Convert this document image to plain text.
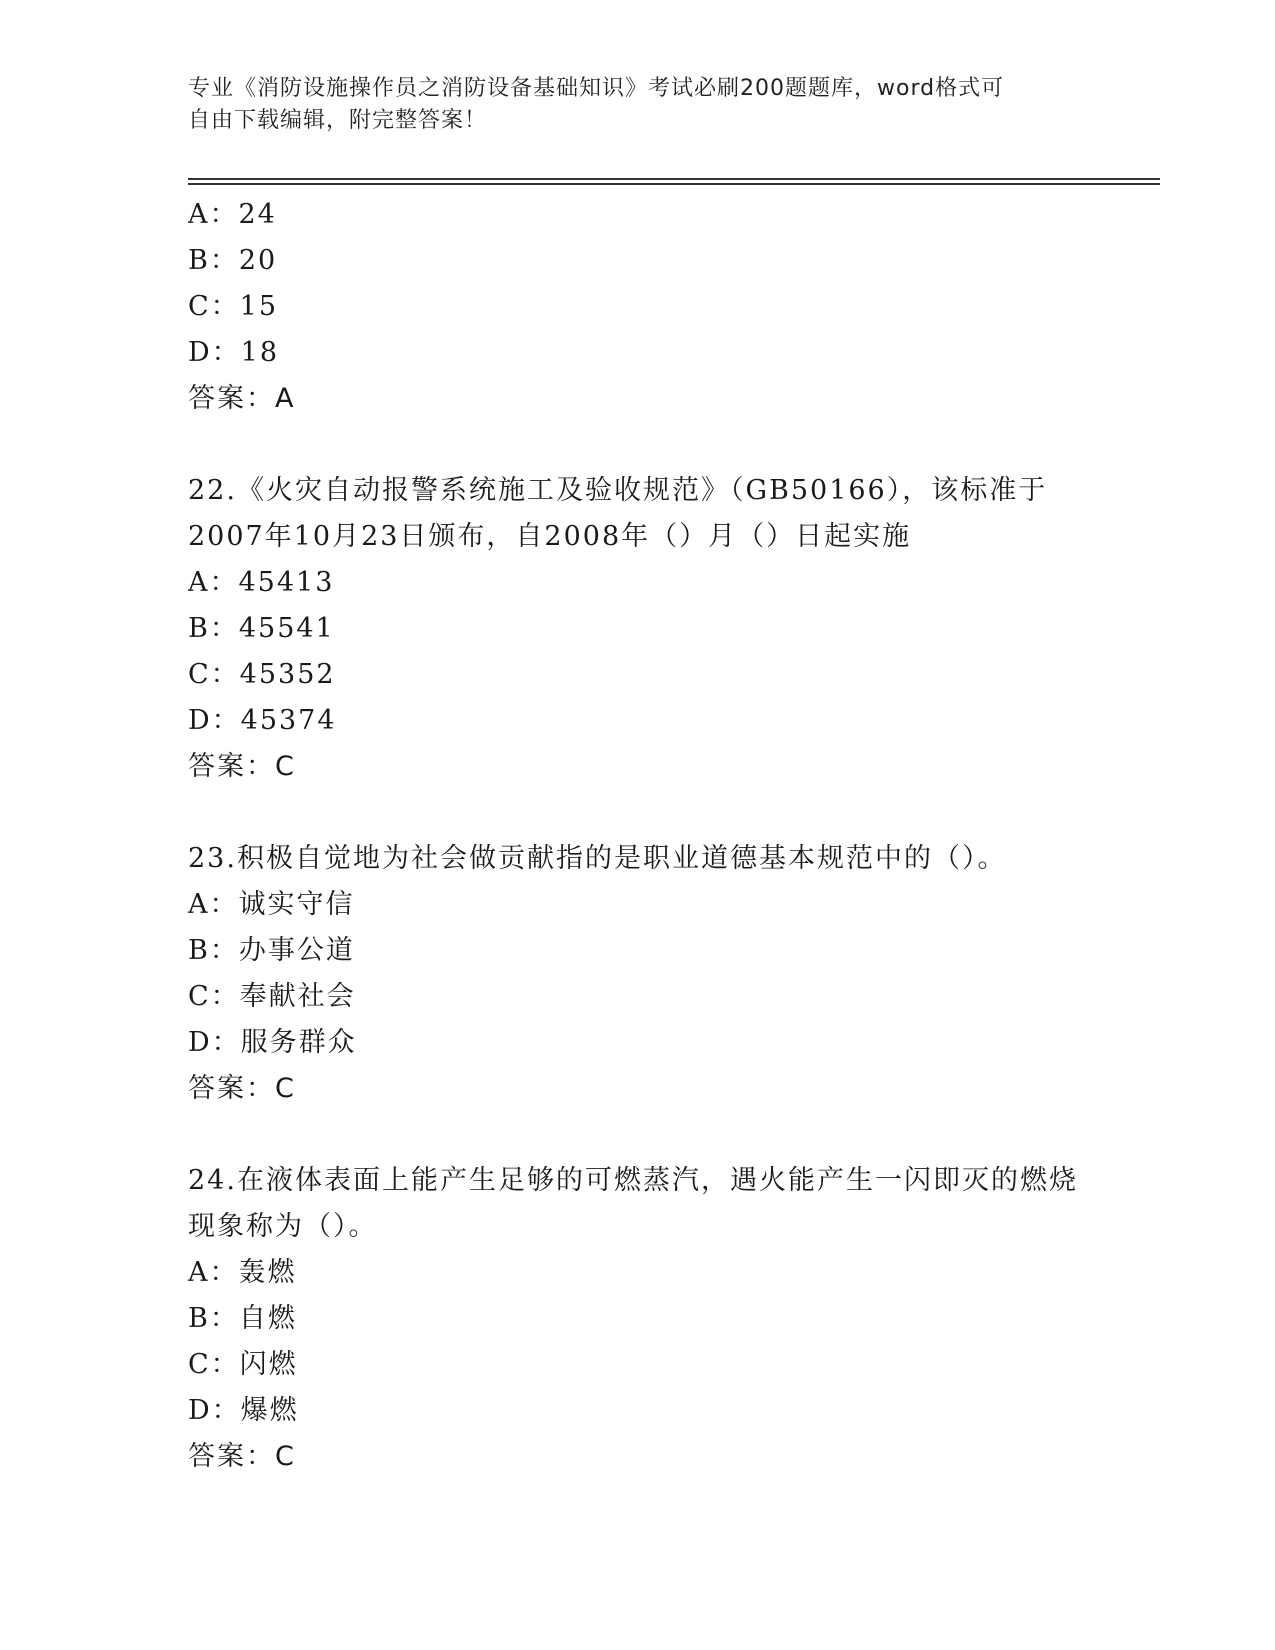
专业《消防设施操作员之消防设备基础知识》考试必刷200题题库，word格式可
自由下载编辑，附完整答案！
A：24
B：20
C：15
D：18
答案：A
22.《火灾自动报警系统施工及验收规范》（GB50166），该标准于
2007年10月23日颁布，自2008年（）月（）日起实施
A：45413
B：45541
C：45352
D：45374
答案：C
23.积极自觉地为社会做贡献指的是职业道德基本规范中的（）。
A：诚实守信
B：办事公道
C：奉献社会
D：服务群众
答案：C
24.在液体表面上能产生足够的可燃蒸汽，遇火能产生一闪即灭的燃烧
现象称为（）。
A：轰燃
B：自燃
C：闪燃
D：爆燃
答案：C
